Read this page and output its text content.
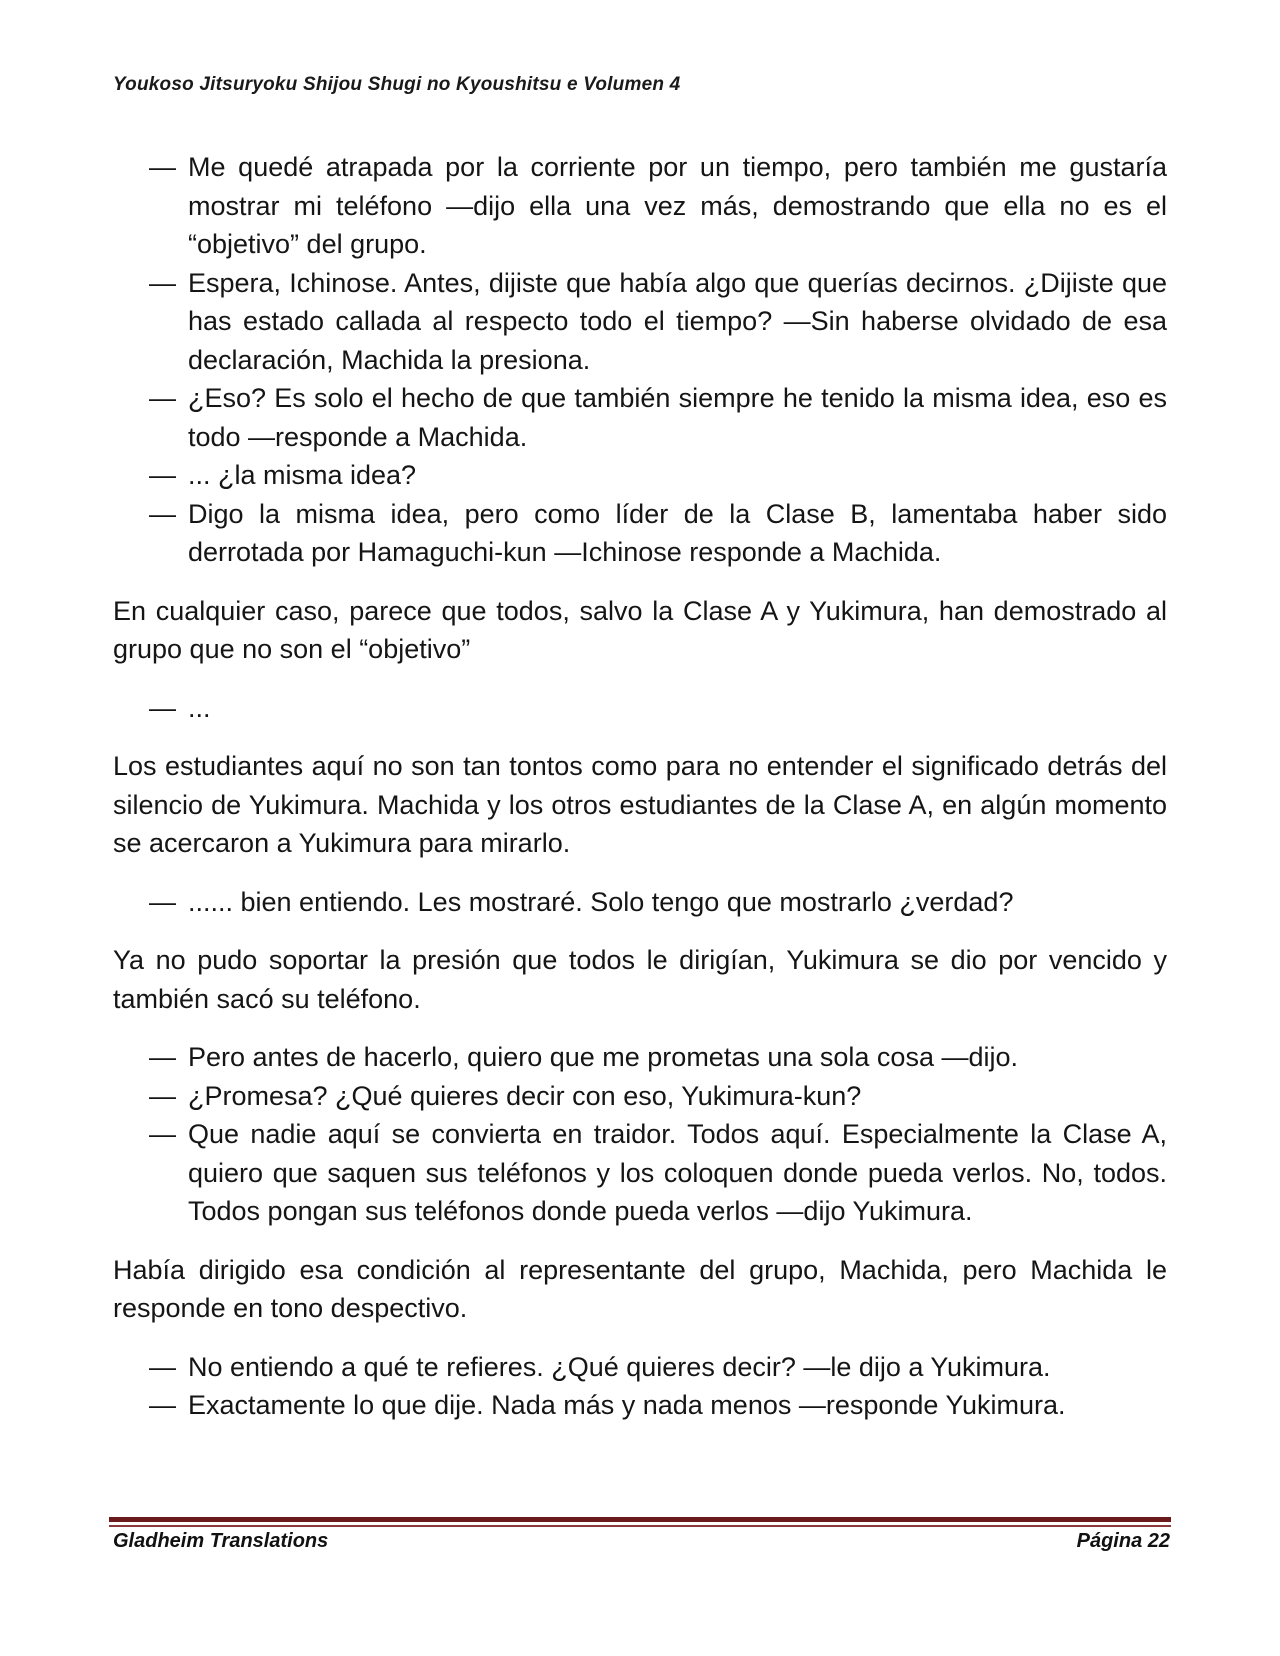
Youkoso Jitsuryoku Shijou Shugi no Kyoushitsu e Volumen 4
— Me quedé atrapada por la corriente por un tiempo, pero también me gustaría mostrar mi teléfono —dijo ella una vez más, demostrando que ella no es el “objetivo” del grupo.
— Espera, Ichinose. Antes, dijiste que había algo que querías decirnos. ¿Dijiste que has estado callada al respecto todo el tiempo? —Sin haberse olvidado de esa declaración, Machida la presiona.
— ¿Eso? Es solo el hecho de que también siempre he tenido la misma idea, eso es todo —responde a Machida.
— ... ¿la misma idea?
— Digo la misma idea, pero como líder de la Clase B, lamentaba haber sido derrotada por Hamaguchi-kun —Ichinose responde a Machida.
En cualquier caso, parece que todos, salvo la Clase A y Yukimura, han demostrado al grupo que no son el “objetivo”
— ...
Los estudiantes aquí no son tan tontos como para no entender el significado detrás del silencio de Yukimura. Machida y los otros estudiantes de la Clase A, en algún momento se acercaron a Yukimura para mirarlo.
— ...... bien entiendo. Les mostraré. Solo tengo que mostrarlo ¿verdad?
Ya no pudo soportar la presión que todos le dirigían, Yukimura se dio por vencido y también sacó su teléfono.
— Pero antes de hacerlo, quiero que me prometas una sola cosa —dijo.
— ¿Promesa? ¿Qué quieres decir con eso, Yukimura-kun?
— Que nadie aquí se convierta en traidor. Todos aquí. Especialmente la Clase A, quiero que saquen sus teléfonos y los coloquen donde pueda verlos. No, todos. Todos pongan sus teléfonos donde pueda verlos —dijo Yukimura.
Había dirigido esa condición al representante del grupo, Machida, pero Machida le responde en tono despectivo.
— No entiendo a qué te refieres. ¿Qué quieres decir? —le dijo a Yukimura.
— Exactamente lo que dije. Nada más y nada menos —responde Yukimura.
Gladheim Translations	Página 22
